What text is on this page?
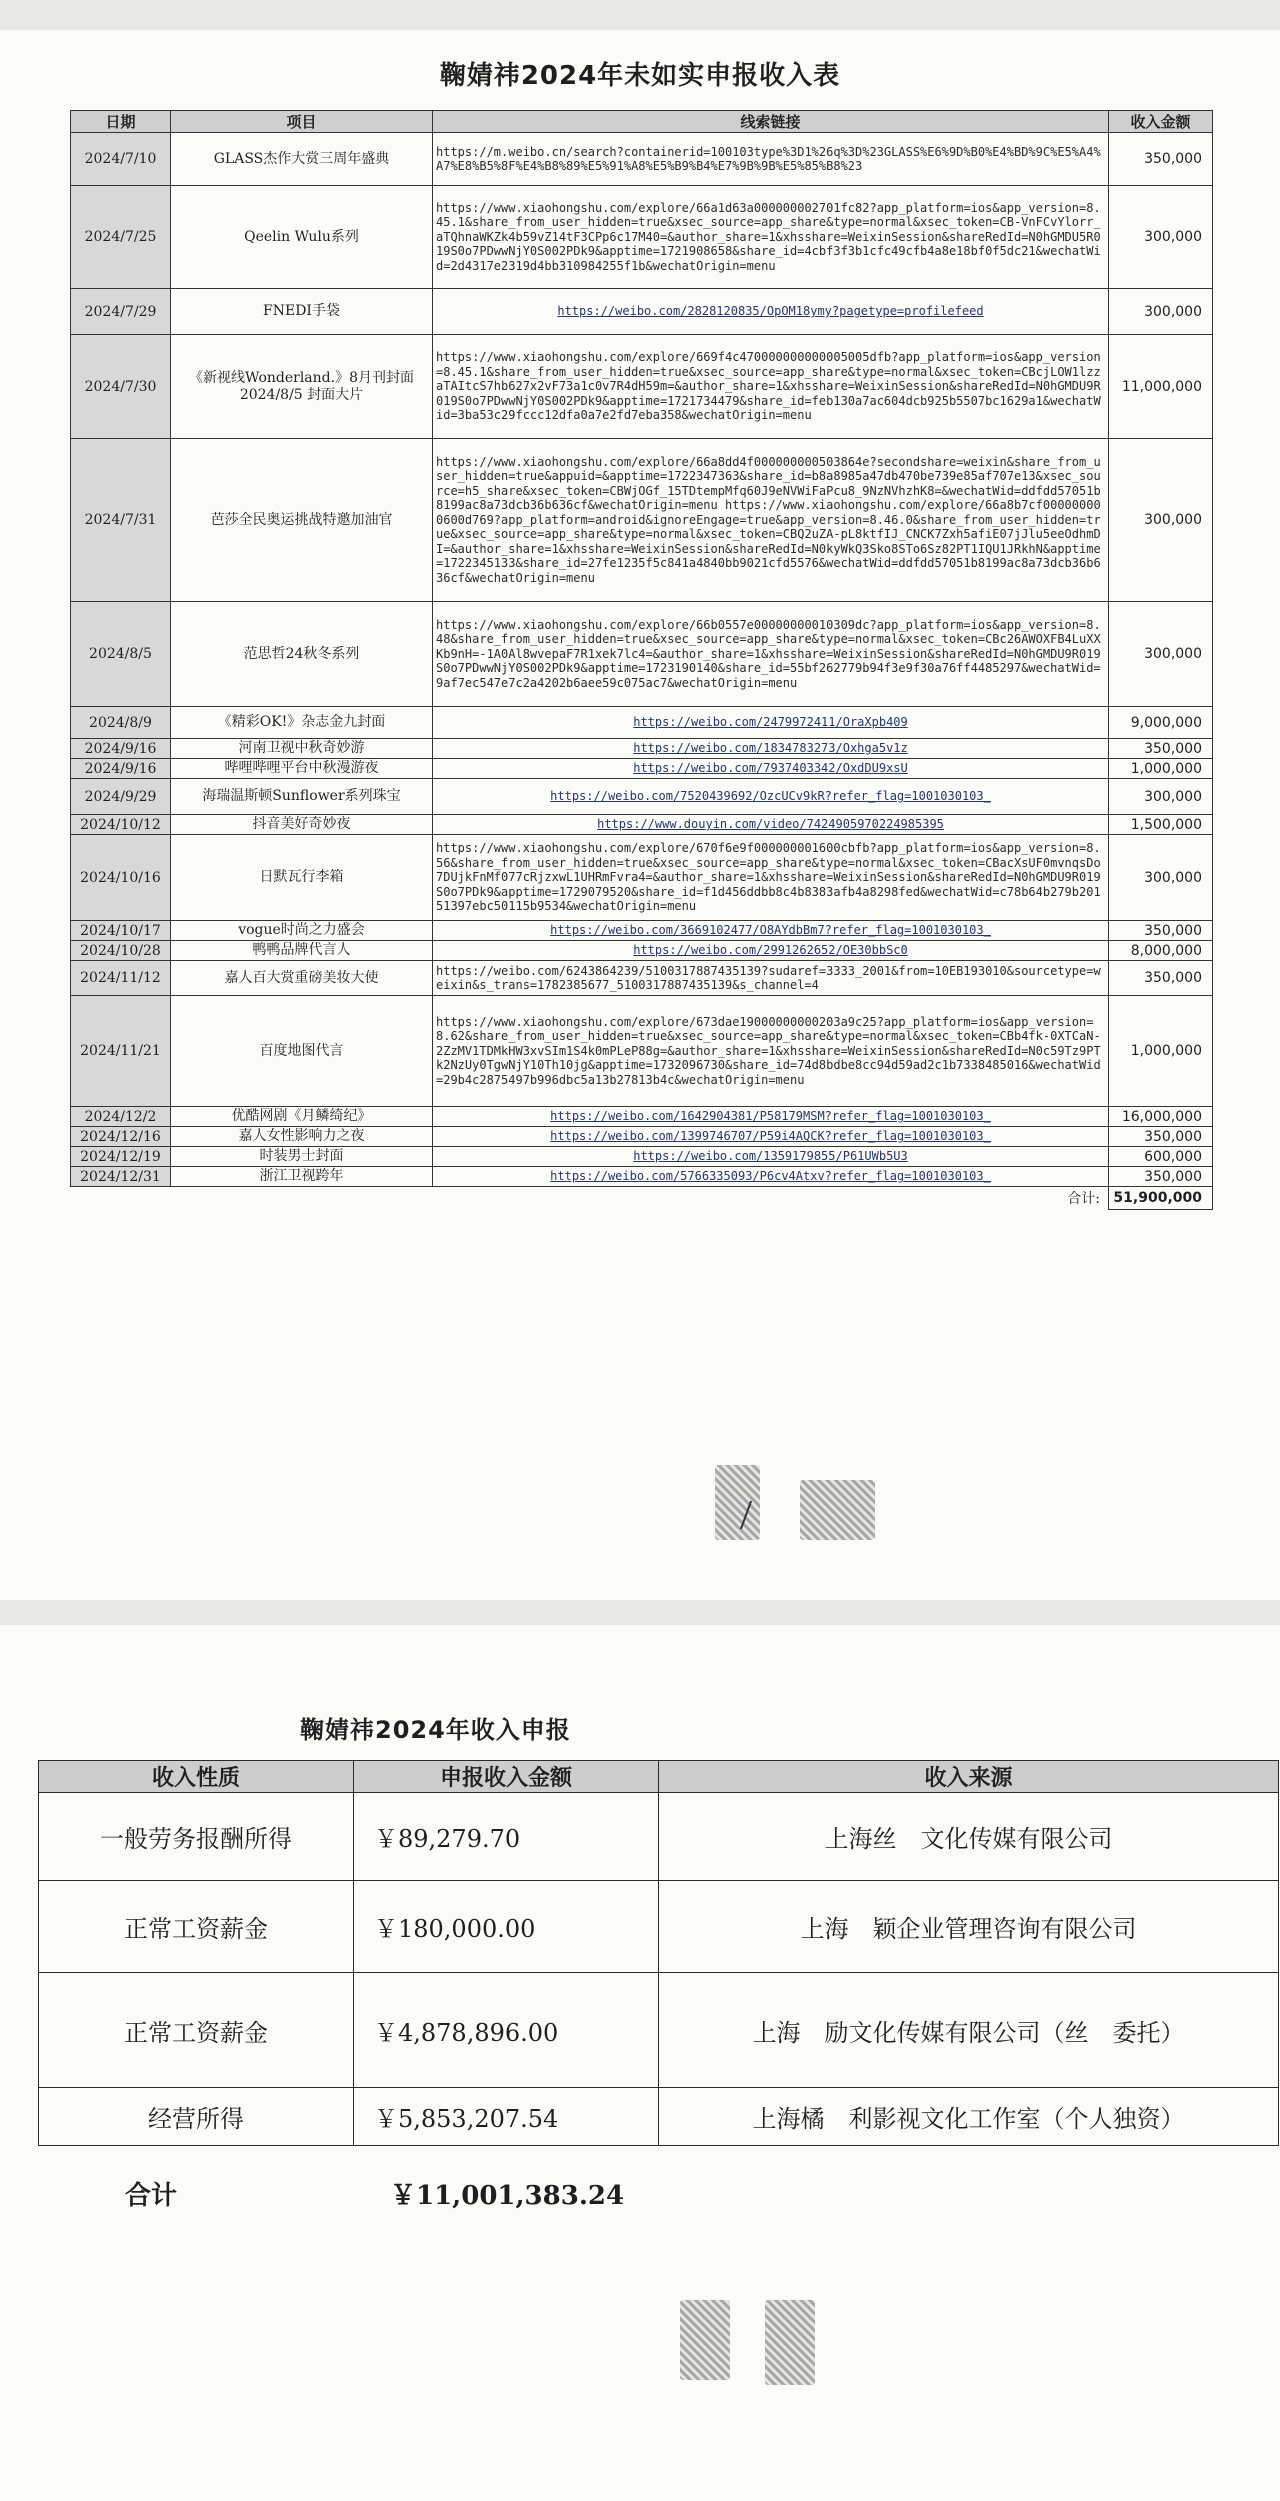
鞠婧祎2024年未如实申报收入表
日期	项目	线索链接	收入金额
2024/7/10	GLASS杰作大赏三周年盛典	https://m.weibo.cn/search?containerid=100103type%3D1%26q%3D%23GLASS%E6%9D%B0%E4%BD%9C%E5%A4%A7%E8%B5%8F%E4%B8%89%E5%91%A8%E5%B9%B4%E7%9B%9B%E5%85%B8%23	350,000
2024/7/25	Qeelin Wulu系列	https://www.xiaohongshu.com/explore/66a1d63a000000002701fc82?app_platform=ios&app_version=8.45.1&share_from_user_hidden=true&xsec_source=app_share&type=normal&xsec_token=CB-VnFCvYlorr_aTQhnaWKZk4b59vZ14tF3CPp6c17M40=&author_share=1&xhsshare=WeixinSession&shareRedId=N0hGMDU5R019S0o7PDwwNjY0S002PDk9&apptime=1721908658&share_id=4cbf3f3b1cfc49cfb4a8e18bf0f5dc21&wechatWid=2d4317e2319d4bb310984255f1b&wechatOrigin=menu	300,000
2024/7/29	FNEDI手袋	https://weibo.com/2828120835/OpOM18ymy?pagetype=profilefeed	300,000
2024/7/30	《新视线Wonderland.》8月刊封面 2024/8/5 封面大片	https://www.xiaohongshu.com/explore/669f4c470000000000005005dfb?app_platform=ios&app_version=8.45.1&share_from_user_hidden=true&xsec_source=app_share&type=normal&xsec_token=CBcjLOW1lzzaTAItcS7hb627x2vF73a1c0v7R4dH59m=&author_share=1&xhsshare=WeixinSession&shareRedId=N0hGMDU9R019S0o7PDwwNjY0S002PDk9&apptime=1721734479&share_id=feb130a7ac604dcb925b5507bc1629a1&wechatWid=3ba53c29fccc12dfa0a7e2fd7eba358&wechatOrigin=menu	11,000,000
2024/7/31	芭莎全民奥运挑战特邀加油官	https://www.xiaohongshu.com/explore/66a8dd4f000000000503864e?secondshare=weixin&share_from_user_hidden=true&appuid=&apptime=1722347363&share_id=b8a8985a47db470be739e85af707e13&xsec_source=h5_share&xsec_token=CBWjOGf_15TDtempMfq60J9eNVWiFaPcu8_9NzNVhzhK8=&wechatWid=ddfdd57051b8199ac8a73dcb36b636cf&wechatOrigin=menu https://www.xiaohongshu.com/explore/66a8b7cf000000000600d769?app_platform=android&ignoreEngage=true&app_version=8.46.0&share_from_user_hidden=true&xsec_source=app_share&type=normal&xsec_token=CBQ2uZA-pL8ktfIJ_CNCK7Zxh5afiE07jJlu5eeOdhmDI=&author_share=1&xhsshare=WeixinSession&shareRedId=N0kyWkQ3Sko8STo6Sz82PT1IQU1JRkhN&apptime=1722345133&share_id=27fe1235f5c841a4840bb9021cfd5576&wechatWid=ddfdd57051b8199ac8a73dcb36b636cf&wechatOrigin=menu	300,000
2024/8/5	范思哲24秋冬系列	https://www.xiaohongshu.com/explore/66b0557e00000000010309dc?app_platform=ios&app_version=8.48&share_from_user_hidden=true&xsec_source=app_share&type=normal&xsec_token=CBc26AWOXFB4LuXXKb9nH=-1A0Al8wvepaF7R1xek7lc4=&author_share=1&xhsshare=WeixinSession&shareRedId=N0hGMDU9R019S0o7PDwwNjY0S002PDk9&apptime=1723190140&share_id=55bf262779b94f3e9f30a76ff4485297&wechatWid=9af7ec547e7c2a4202b6aee59c075ac7&wechatOrigin=menu	300,000
2024/8/9	《精彩OK!》杂志金九封面	https://weibo.com/2479972411/OraXpb409	9,000,000
2024/9/16	河南卫视中秋奇妙游	https://weibo.com/1834783273/Oxhga5v1z	350,000
2024/9/16	哔哩哔哩平台中秋漫游夜	https://weibo.com/7937403342/OxdDU9xsU	1,000,000
2024/9/29	海瑞温斯顿Sunflower系列珠宝	https://weibo.com/7520439692/OzcUCv9kR?refer_flag=1001030103_	300,000
2024/10/12	抖音美好奇妙夜	https://www.douyin.com/video/7424905970224985395	1,500,000
2024/10/16	日默瓦行李箱	https://www.xiaohongshu.com/explore/670f6e9f000000001600cbfb?app_platform=ios&app_version=8.56&share_from_user_hidden=true&xsec_source=app_share&type=normal&xsec_token=CBacXsUF0mvnqsDo7DUjkFnMf077cRjzxwL1UHRmFvra4=&author_share=1&xhsshare=WeixinSession&shareRedId=N0hGMDU9R019S0o7PDk9&apptime=1729079520&share_id=f1d456ddbb8c4b8383afb4a8298fed&wechatWid=c78b64b279b20151397ebc50115b9534&wechatOrigin=menu	300,000
2024/10/17	vogue时尚之力盛会	https://weibo.com/3669102477/O8AYdbBm7?refer_flag=1001030103_	350,000
2024/10/28	鸭鸭品牌代言人	https://weibo.com/2991262652/OE30bbSc0	8,000,000
2024/11/12	嘉人百大赏重磅美妆大使	https://weibo.com/6243864239/5100317887435139?sudaref=3333_2001&from=10EB193010&sourcetype=weixin&s_trans=1782385677_5100317887435139&s_channel=4	350,000
2024/11/21	百度地图代言	https://www.xiaohongshu.com/explore/673dae19000000000203a9c25?app_platform=ios&app_version=8.62&share_from_user_hidden=true&xsec_source=app_share&type=normal&xsec_token=CBb4fk-0XTCaN-2ZzMV1TDMkHW3xvSIm1S4k0mPLeP88g=&author_share=1&xhsshare=WeixinSession&shareRedId=N0c59Tz9PTk2NzUy0TgwNjY10Th10jg&apptime=1732096730&share_id=74d8bdbe8cc94d59ad2c1b7338485016&wechatWid=29b4c2875497b996dbc5a13b27813b4c&wechatOrigin=menu	1,000,000
2024/12/2	优酷网剧《月鳞绮纪》	https://weibo.com/1642904381/P58179MSM?refer_flag=1001030103_	16,000,000
2024/12/16	嘉人女性影响力之夜	https://weibo.com/1399746707/P59i4AQCK?refer_flag=1001030103_	350,000
2024/12/19	时装男士封面	https://weibo.com/1359179855/P61UWb5U3	600,000
2024/12/31	浙江卫视跨年	https://weibo.com/5766335093/P6cv4Atxv?refer_flag=1001030103_	350,000
		合计:	51,900,000
鞠婧祎2024年收入申报
收入性质	申报收入金额	收入来源
一般劳务报酬所得	￥89,279.70	上海丝　文化传媒有限公司
正常工资薪金	￥180,000.00	上海　颖企业管理咨询有限公司
正常工资薪金	￥4,878,896.00	上海　励文化传媒有限公司（丝　委托）
经营所得	￥5,853,207.54	上海橘　利影视文化工作室（个人独资）
合计	￥11,001,383.24
